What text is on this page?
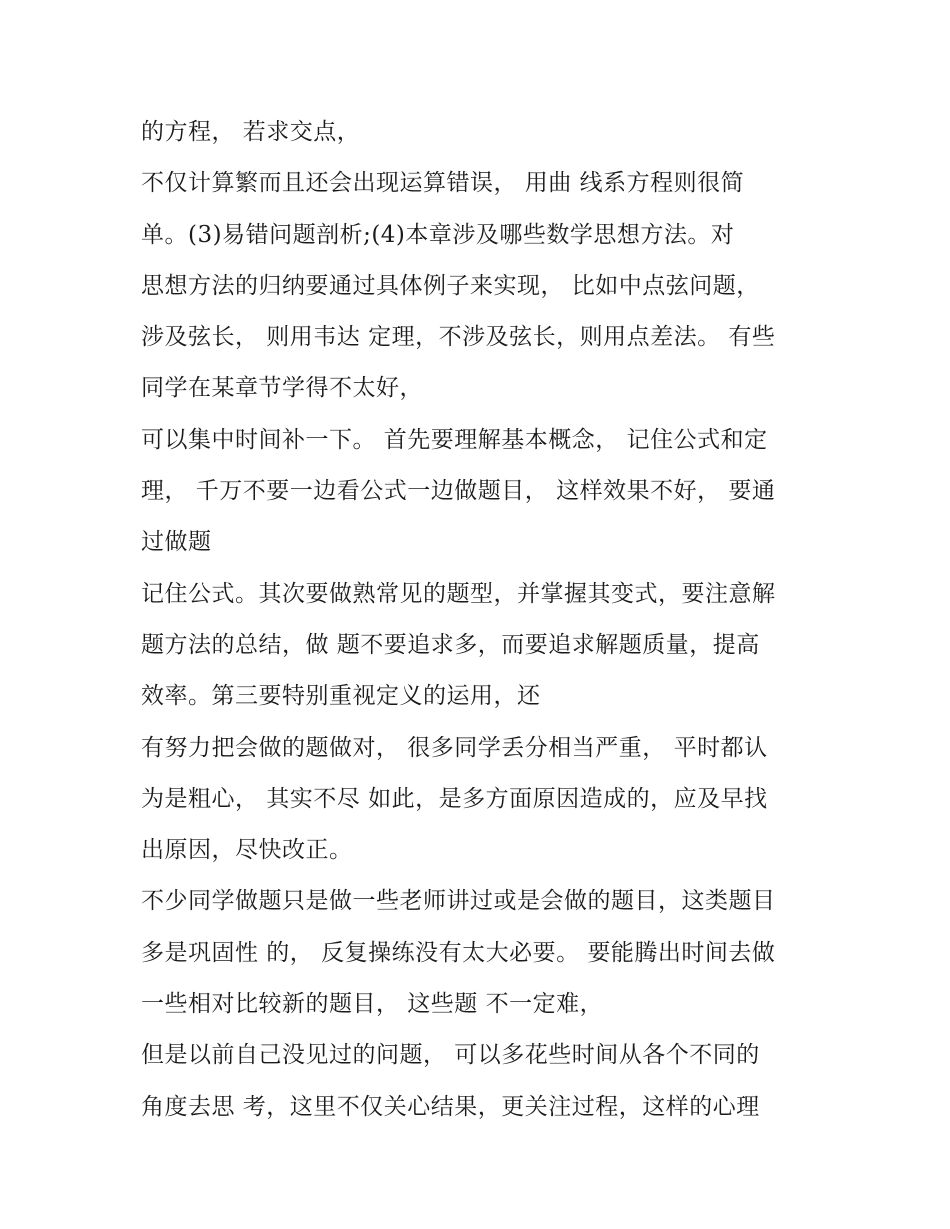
的方程， 若求交点，
不仅计算繁而且还会出现运算错误， 用曲 线系方程则很简
单。(3)易错问题剖析;(4)本章涉及哪些数学思想方法。对
思想方法的归纳要通过具体例子来实现， 比如中点弦问题，
涉及弦长， 则用韦达 定理，不涉及弦长，则用点差法。 有些
同学在某章节学得不太好，
可以集中时间补一下。 首先要理解基本概念， 记住公式和定
理， 千万不要一边看公式一边做题目， 这样效果不好， 要通
过做题
记住公式。其次要做熟常见的题型，并掌握其变式，要注意解
题方法的总结，做 题不要追求多，而要追求解题质量，提高
效率。第三要特别重视定义的运用，还
有努力把会做的题做对， 很多同学丢分相当严重， 平时都认
为是粗心， 其实不尽 如此，是多方面原因造成的，应及早找
出原因，尽快改正。
不少同学做题只是做一些老师讲过或是会做的题目，这类题目
多是巩固性 的， 反复操练没有太大必要。 要能腾出时间去做
一些相对比较新的题目， 这些题 不一定难，
但是以前自己没见过的问题， 可以多花些时间从各个不同的
角度去思 考，这里不仅关心结果，更关注过程，这样的心理
